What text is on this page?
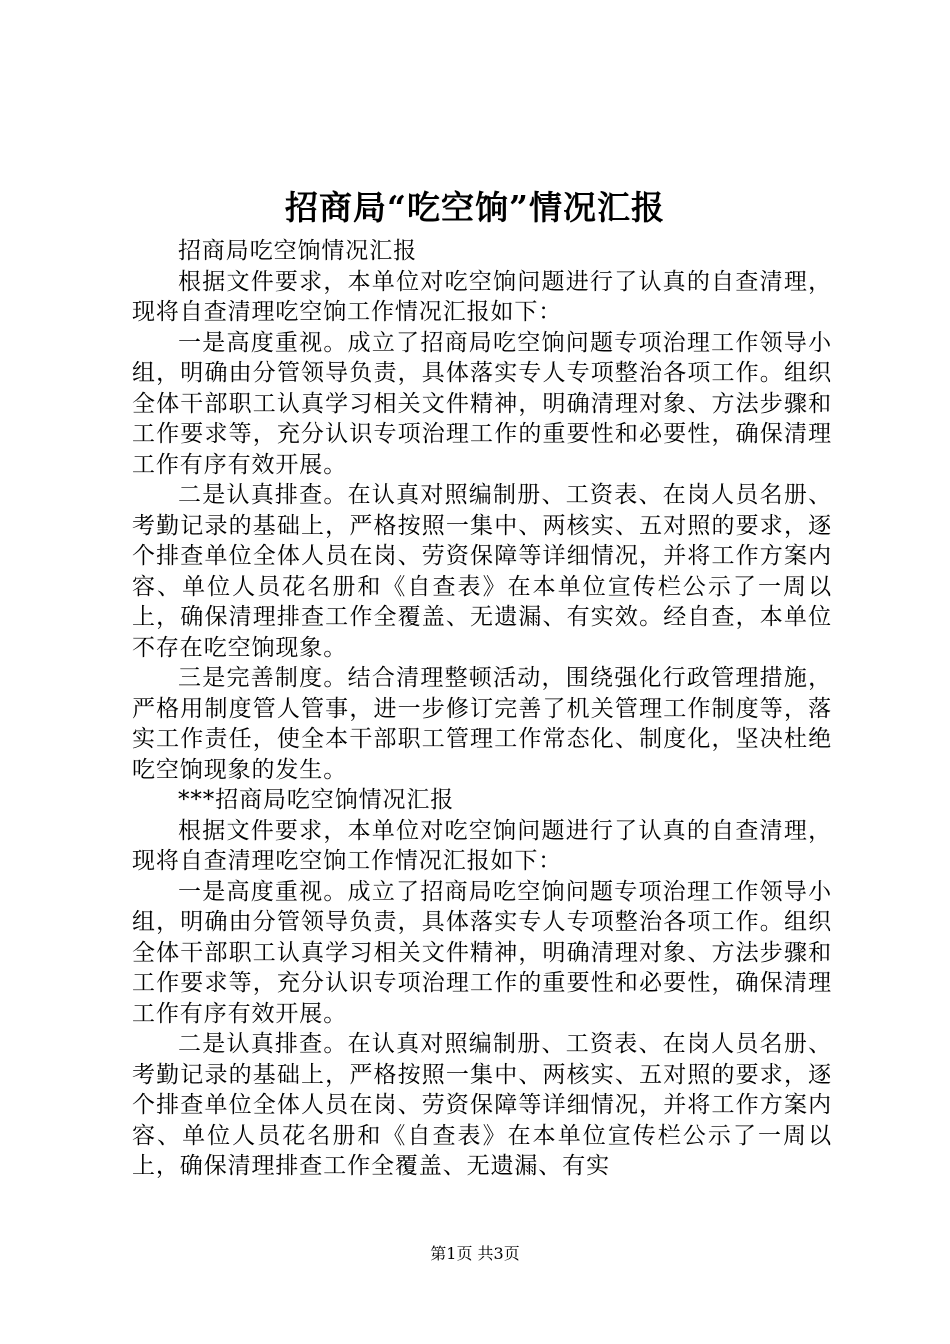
招商局“吃空饷”情况汇报

招商局吃空饷情况汇报

根据文件要求，本单位对吃空饷问题进行了认真的自查清理，现将自查清理吃空饷工作情况汇报如下：

一是高度重视。成立了招商局吃空饷问题专项治理工作领导小组，明确由分管领导负责，具体落实专人专项整治各项工作。组织全体干部职工认真学习相关文件精神，明确清理对象、方法步骤和工作要求等，充分认识专项治理工作的重要性和必要性，确保清理工作有序有效开展。

二是认真排查。在认真对照编制册、工资表、在岗人员名册、考勤记录的基础上，严格按照一集中、两核实、五对照的要求，逐个排查单位全体人员在岗、劳资保障等详细情况，并将工作方案内容、单位人员花名册和《自查表》在本单位宣传栏公示了一周以上，确保清理排查工作全覆盖、无遗漏、有实效。经自查，本单位不存在吃空饷现象。

三是完善制度。结合清理整顿活动，围绕强化行政管理措施，严格用制度管人管事，进一步修订完善了机关管理工作制度等，落实工作责任，使全本干部职工管理工作常态化、制度化，坚决杜绝吃空饷现象的发生。

***招商局吃空饷情况汇报

根据文件要求，本单位对吃空饷问题进行了认真的自查清理，现将自查清理吃空饷工作情况汇报如下：

一是高度重视。成立了招商局吃空饷问题专项治理工作领导小组，明确由分管领导负责，具体落实专人专项整治各项工作。组织全体干部职工认真学习相关文件精神，明确清理对象、方法步骤和工作要求等，充分认识专项治理工作的重要性和必要性，确保清理工作有序有效开展。

二是认真排查。在认真对照编制册、工资表、在岗人员名册、考勤记录的基础上，严格按照一集中、两核实、五对照的要求，逐个排查单位全体人员在岗、劳资保障等详细情况，并将工作方案内容、单位人员花名册和《自查表》在本单位宣传栏公示了一周以上，确保清理排查工作全覆盖、无遗漏、有实

第1页 共3页
